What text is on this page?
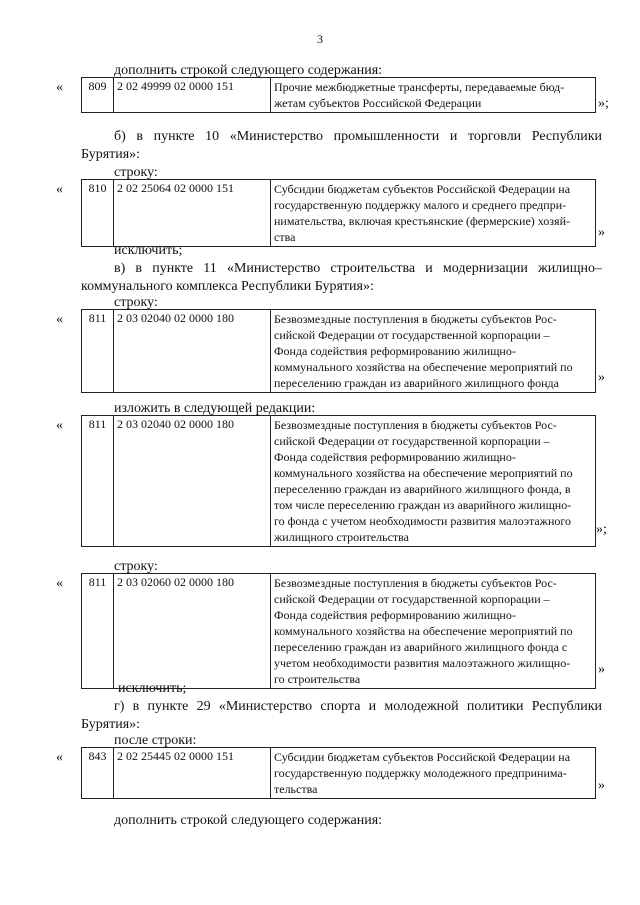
3
дополнить строкой следующего содержания:
« 809	2 02 49999 02 0000 151	Прочие межбюджетные трансферты, передаваемые бюд-
жетам субъектов Российской Федерации	»;
б) в пункте 10 «Министерство промышленности и торговли Республики
Бурятия»:
строку:
« 810	2 02 25064 02 0000 151	Субсидии бюджетам субъектов Российской Федерации на
государственную поддержку малого и среднего предпри-
нимательства, включая крестьянские (фермерские) хозяй-
ства	»
исключить;
в) в пункте 11 «Министерство строительства и модернизации жилищно–
коммунального комплекса Республики Бурятия»:
строку:
« 811	2 03 02040 02 0000 180	Безвозмездные поступления в бюджеты субъектов Рос-
сийской Федерации от государственной корпорации –
Фонда содействия реформированию жилищно-
коммунального хозяйства на обеспечение мероприятий по
переселению граждан из аварийного жилищного фонда	»
изложить в следующей редакции:
« 811	2 03 02040 02 0000 180	Безвозмездные поступления в бюджеты субъектов Рос-
сийской Федерации от государственной корпорации –
Фонда содействия реформированию жилищно-
коммунального хозяйства на обеспечение мероприятий по
переселению граждан из аварийного жилищного фонда, в
том числе переселению граждан из аварийного жилищно-
го фонда с учетом необходимости развития малоэтажного
жилищного строительства	»;
строку:
« 811	2 03 02060 02 0000 180	Безвозмездные поступления в бюджеты субъектов Рос-
сийской Федерации от государственной корпорации –
Фонда содействия реформированию жилищно-
коммунального хозяйства на обеспечение мероприятий по
переселению граждан из аварийного жилищного фонда с
учетом необходимости развития малоэтажного жилищно-
го строительства
»
исключить;
г) в пункте 29 «Министерство спорта и молодежной политики Республики
Бурятия»:
после строки:
« 843	2 02 25445 02 0000 151	Субсидии бюджетам субъектов Российской Федерации на
государственную поддержку молодежного предпринима-
тельства	»
дополнить строкой следующего содержания:
